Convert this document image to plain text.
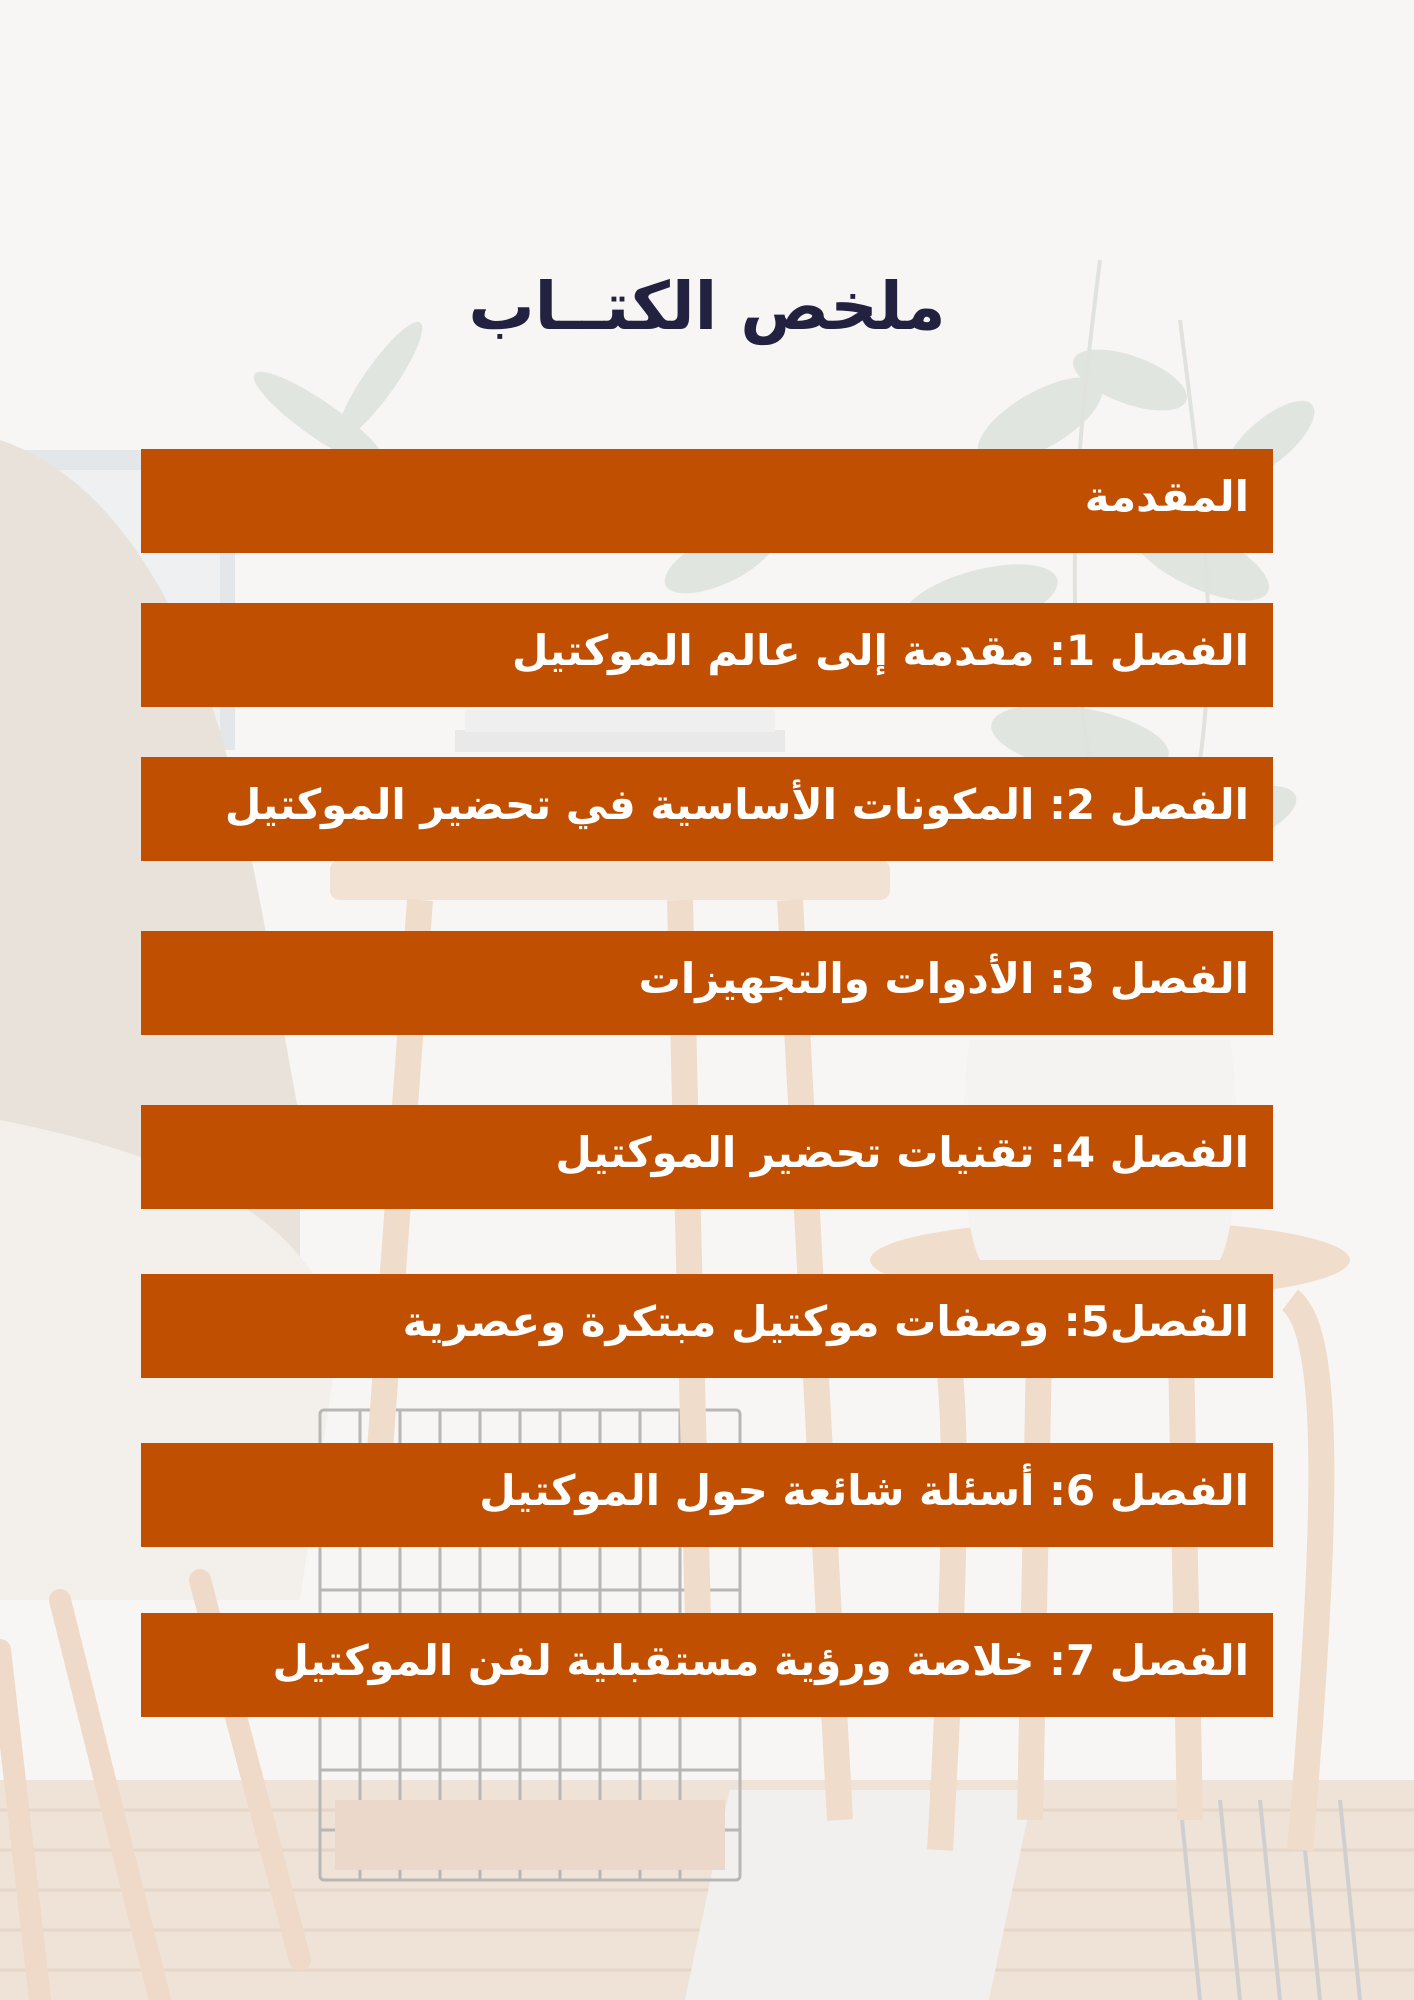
ملخص الكتــاب
المقدمة
الفصل 1: مقدمة إلى عالم الموكتيل
الفصل 2: المكونات الأساسية في تحضير الموكتيل
الفصل 3: الأدوات والتجهيزات
الفصل 4: تقنيات تحضير الموكتيل
الفصل5: وصفات موكتيل مبتكرة وعصرية
الفصل 6: أسئلة شائعة حول الموكتيل
الفصل 7: خلاصة ورؤية مستقبلية لفن الموكتيل
